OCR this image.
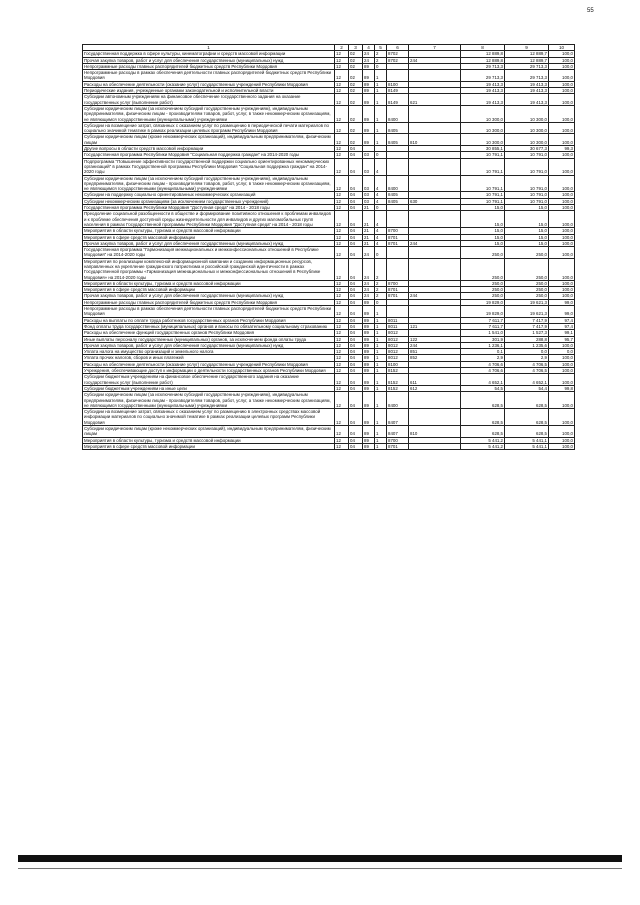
55
1	2	3	4	5	6	7	8	9	10
Государственная поддержка в сфере культуры, кинематографии и средств массовой информации	12	02	24	2	8702		12 889,8	12 889,7	100,0
Прочая закупка товаров, работ и услуг для обеспечения государственных (муниципальных) нужд	12	02	24	2	8702	244	12 889,8	12 889,7	100,0
Непрограммные расходы главных распорядителей бюджетных средств Республики Мордовия	12	02	89	0			29 713,3	29 713,3	100,0
Непрограммные расходы в рамках обеспечения деятельности главных распорядителей бюджетных средств Республики Мордовия	12	02	89	1			29 713,3	29 713,3	100,0
Расходы на обеспечение деятельности (оказание услуг) государственных учреждений Республики Мордовия	12	02	89	1	8100		19 413,3	19 413,3	100,0
Периодические издания, учрежденные органами законодательной и исполнительной власти	12	02	89	1	8149		19 413,3	19 413,3	100,0
Субсидии автономным учреждениям на финансовое обеспечение государственного задания на оказание государственных услуг (выполнение работ)	12	02	89	1	8149	621	19 413,3	19 413,3	100,0
Субсидии юридическим лицам (за исключением субсидий государственным учреждениям), индивидуальным предпринимателям, физическим лицам - производителям товаров, работ, услуг, в также некоммерческим организациям, не являющимся государственными (муниципальными) учреждениями	12	02	89	1	8400		10 300,0	10 300,0	100,0
Субсидии на возмещение затрат, связанных с оказанием услуг по размещению в периодической печати материалов по социально значимой тематике в рамках реализации целевых программ Республики Мордовия	12	02	89	1	8405		10 300,0	10 300,0	100,0
Субсидии юридическим лицам (кроме некоммерческих организаций), индивидуальным предпринимателям, физическим лицам	12	02	89	1	8405	810	10 300,0	10 300,0	100,0
Другие вопросы в области средств массовой информации	12	04					30 855,1	30 677,3	99,3
Государственная программа Республики Мордовия "Социальная поддержка граждан" на 2014-2020 годы	12	04	03	0			10 791,1	10 791,0	100,0
Подпрограмма "Повышение эффективности государственной поддержки социально ориентированных некоммерческих организаций" в рамках Государственной программы Республики Мордовия "Социальная поддержка граждан" на 2014-2020 годы	12	04	03	4			10 791,1	10 791,0	100,0
Субсидии юридическим лицам (за исключением субсидий государственным учреждениям), индивидуальным предпринимателям, физическим лицам - производителям товаров, работ, услуг, в также некоммерческим организациям, не являющимся государственными (муниципальными) учреждениями	12	04	03	4	8400		10 791,1	10 791,0	100,0
Субсидии на поддержку социально ориентированных некоммерческих организаций	12	04	03	4	8405		10 791,1	10 791,0	100,0
Субсидии некоммерческим организациям (за исключением государственных учреждений)	12	04	03	4	8405	630	10 791,1	10 791,0	100,0
Государственная программа Республики Мордовия "Доступная среда" на 2014 - 2018 годы	12	04	21	0			15,0	15,0	100,0
Преодоление социальной разобщенности в обществе и формирование позитивного отношения к проблемам инвалидов и к проблеме обеспечения доступной среды жизнедеятельности для инвалидов и других маломобильных групп населения в рамках Государственной программы Республики Мордовия "Доступная среда" на 2014 - 2018 годы	12	04	21	4			15,0	15,0	100,0
Мероприятия в области культуры, туризма и средств массовой информации	12	04	21	4	8700		15,0	15,0	100,0
Мероприятия в сфере средств массовой информации	12	04	21	4	8701		15,0	15,0	100,0
Прочая закупка товаров, работ и услуг для обеспечения государственных (муниципальных) нужд	12	04	21	4	8701	244	15,0	15,0	100,0
Государственная программа "Гармонизация межнациональных и межконфессиональных отношений в Республике Мордовия" на 2014-2020 годы	12	04	24	0			250,0	250,0	100,0
Мероприятия по реализации комплексной информационной кампании и созданию информационных ресурсов, направленных на укрепление гражданского патриотизма и российской гражданской идентичности в рамках Государственной программы «Гармонизация межнациональных и межконфессиональных отношений в Республике Мордовия» на 2014-2020 годы	12	04	24	2			250,0	250,0	100,0
Мероприятия в области культуры, туризма и средств массовой информации	12	04	24	2	8700		250,0	250,0	100,0
Мероприятия в сфере средств массовой информации	12	04	24	2	8701		250,0	250,0	100,0
Прочая закупка товаров, работ и услуг для обеспечения государственных (муниципальных) нужд	12	04	24	2	8701	244	250,0	250,0	100,0
Непрограммные расходы главных распорядителей бюджетных средств Республики Мордовия	12	04	89	0			19 829,0	19 621,3	99,0
Непрограммные расходы в рамках обеспечения деятельности главных распорядителей бюджетных средств Республики Мордовия	12	04	89	1			19 829,0	19 621,3	99,0
Расходы на выплаты по оплате труда работников государственных органов Республики Мордовия	12	04	89	1	8011		7 611,7	7 417,9	97,4
Фонд оплаты труда государственных (муниципальных) органов и взносы по обязательному социальному страхованию	12	04	89	1	8011	121	7 611,7	7 417,9	97,4
Расходы на обеспечение функций государственных органов Республики Мордовия	12	04	89	1	8012		1 541,0	1 527,3	99,1
Иные выплаты персоналу государственных (муниципальных) органов, за исключением фонда оплаты труда	12	04	89	1	8012	122	301,9	288,8	95,7
Прочая закупка товаров, работ и услуг для обеспечения государственных (муниципальных) нужд	12	04	89	1	8012	244	1 236,1	1 235,6	100,0
Уплата налога на имущество организаций и земельного налога	12	04	89	1	8012	851	0,1	0,0	0,0
Уплата прочих налогов, сборов и иных платежей	12	04	89	1	8012	852	2,9	2,9	100,0
Расходы на обеспечение деятельности (оказание услуг) государственных учреждений Республики Мордовия	12	04	89	1	8100		4 706,6	4 706,5	100,0
Учреждения, обеспечивающие доступ к информации о деятельности государственных органов Республики Мордовия	12	04	89	1	8152		4 706,6	4 706,5	100,0
Субсидии бюджетным учреждениям на финансовое обеспечение государственного задания на оказание государственных услуг (выполнение работ)	12	04	89	1	8152	611	4 652,1	4 652,1	100,0
Субсидии бюджетным учреждениям на иные цели	12	04	89	1	8152	612	54,5	54,4	99,8
Субсидии юридическим лицам (за исключением субсидий государственным учреждениям), индивидуальным предпринимателям, физическим лицам - производителям товаров, работ, услуг, а также некоммерческим организациям, не являющимся государственными (муниципальными) учреждениями	12	04	89	1	8400		628,5	628,5	100,0
Субсидии на возмещение затрат, связанных с оказанием услуг по размещению в электронных средствах массовой информации материалов по социально значимой тематике в рамках реализации целевых программ Республики Мордовия	12	04	89	1	8407		628,5	628,5	100,0
Субсидии юридическим лицам (кроме некоммерческих организаций), индивидуальным предпринимателям, физическим лицам	12	04	89	1	8407	810	628,5	628,5	100,0
Мероприятия в области культуры, туризма и средств массовой информации	12	04	89	1	8700		5 441,2	5 441,1	100,0
Мероприятия в сфере средств массовой информации	12	04	89	1	8701		5 441,2	5 441,1	100,0
